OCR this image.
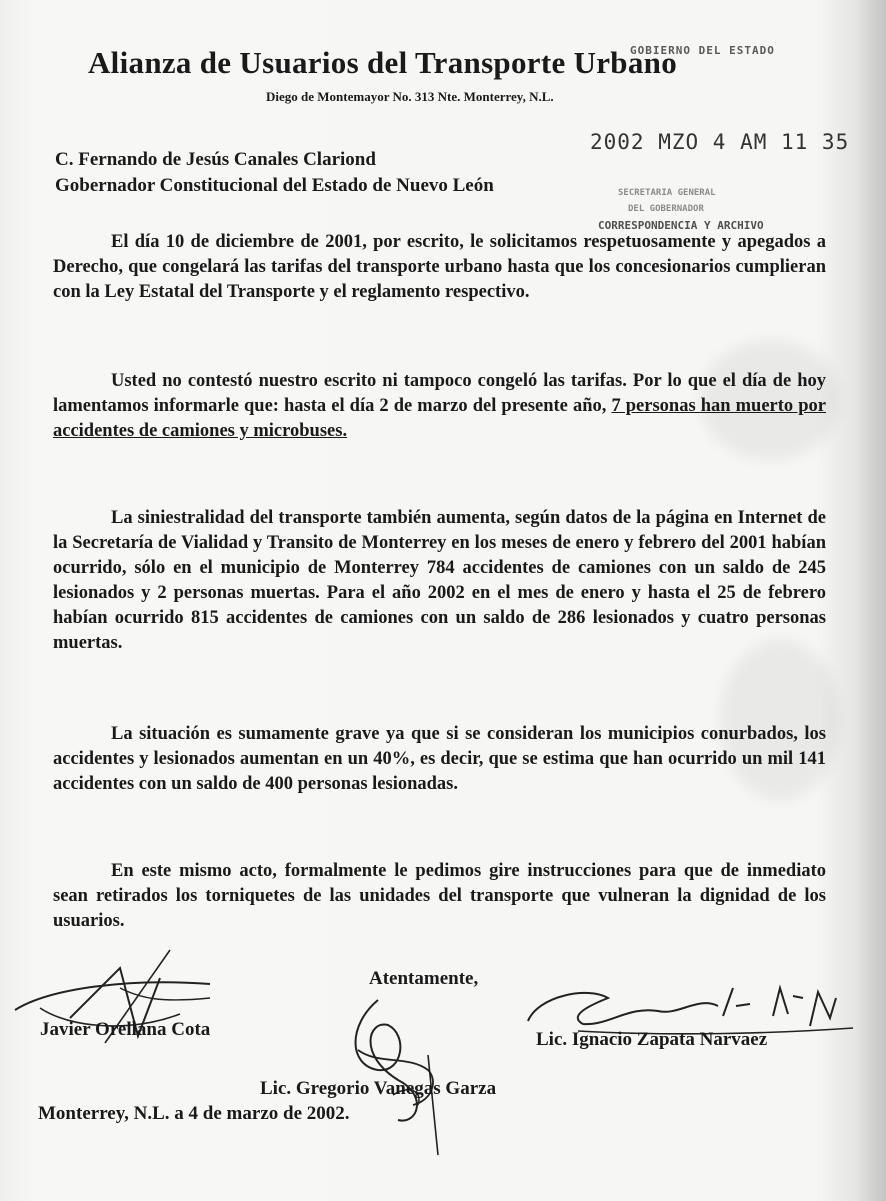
Alianza de Usuarios del Transporte Urbano
Diego de Montemayor No. 313 Nte. Monterrey, N.L.
GOBIERNO DEL ESTADO
2002 MZO 4 AM 11 35
SECRETARIA GENERAL
DEL GOBERNADOR
CORRESPONDENCIA Y ARCHIVO
C. Fernando de Jesús Canales Clariond
Gobernador Constitucional del Estado de Nuevo León

El día 10 de diciembre de 2001, por escrito, le solicitamos respetuosamente y apegados a Derecho, que congelará las tarifas del transporte urbano hasta que los concesionarios cumplieran con la Ley Estatal del Transporte y el reglamento respectivo.

Usted no contestó nuestro escrito ni tampoco congeló las tarifas. Por lo que el día de hoy lamentamos informarle que: hasta el día 2 de marzo del presente año, 7 personas han muerto por accidentes de camiones y microbuses.

La siniestralidad del transporte también aumenta, según datos de la página en Internet de la Secretaría de Vialidad y Transito de Monterrey en los meses de enero y febrero del 2001 habían ocurrido, sólo en el municipio de Monterrey 784 accidentes de camiones con un saldo de 245 lesionados y 2 personas muertas. Para el año 2002 en el mes de enero y hasta el 25 de febrero habían ocurrido 815 accidentes de camiones con un saldo de 286 lesionados y cuatro personas muertas.

La situación es sumamente grave ya que si se consideran los municipios conurbados, los accidentes y lesionados aumentan en un 40%, es decir, que se estima que han ocurrido un mil 141 accidentes con un saldo de 400 personas lesionadas.

En este mismo acto, formalmente le pedimos gire instrucciones para que de inmediato sean retirados los torniquetes de las unidades del transporte que vulneran la dignidad de los usuarios.

Atentamente,
Javier Orellana Cota	Lic. Ignacio Zapata Narvaez
Lic. Gregorio Vanegas Garza
Monterrey, N.L. a 4 de marzo de 2002.
